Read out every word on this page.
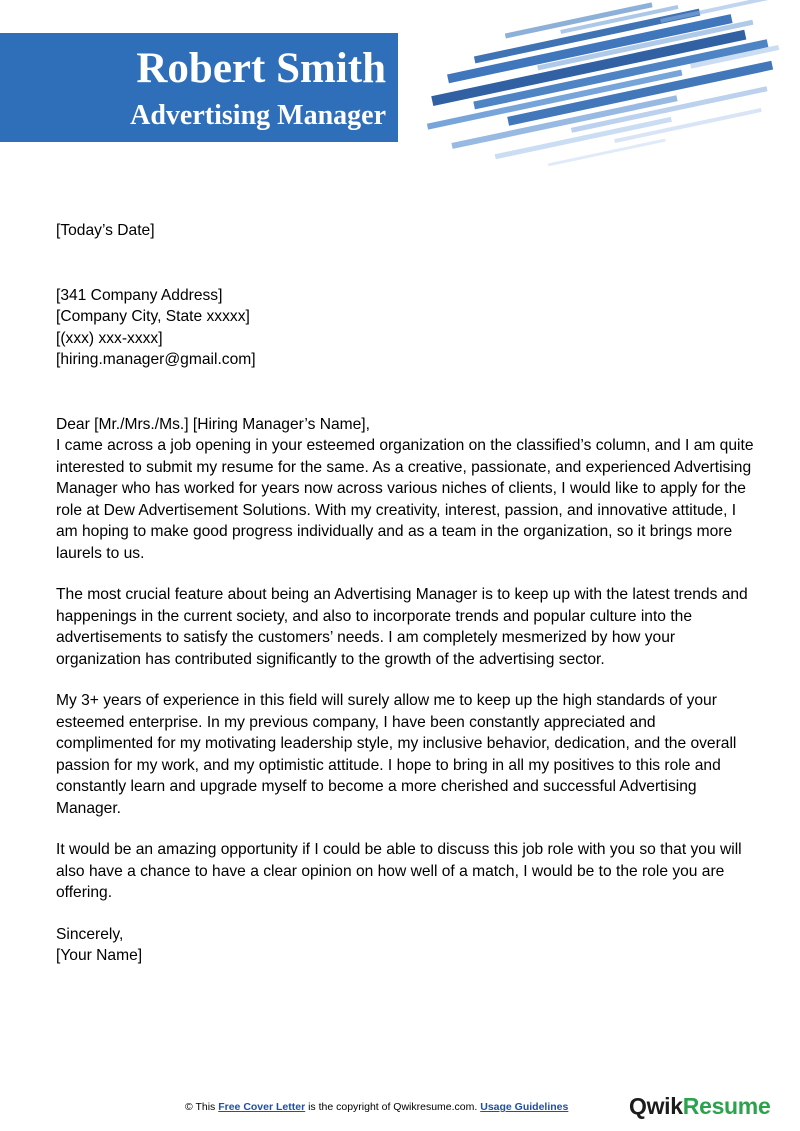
Robert Smith
Advertising Manager

[Today’s Date]

[341 Company Address]

[Company City, State xxxxx]

[(xxx) xxx-xxxx]

[hiring.manager@gmail.com]

Dear [Mr./Mrs./Ms.] [Hiring Manager’s Name],

I came across a job opening in your esteemed organization on the classified’s column, and I am quite interested to submit my resume for the same. As a creative, passionate, and experienced Advertising Manager who has worked for years now across various niches of clients, I would like to apply for the role at Dew Advertisement Solutions. With my creativity, interest, passion, and innovative attitude, I am hoping to make good progress individually and as a team in the organization, so it brings more laurels to us.

The most crucial feature about being an Advertising Manager is to keep up with the latest trends and happenings in the current society, and also to incorporate trends and popular culture into the advertisements to satisfy the customers’ needs. I am completely mesmerized by how your organization has contributed significantly to the growth of the advertising sector.

My 3+ years of experience in this field will surely allow me to keep up the high standards of your esteemed enterprise. In my previous company, I have been constantly appreciated and complimented for my motivating leadership style, my inclusive behavior, dedication, and the overall passion for my work, and my optimistic attitude. I hope to bring in all my positives to this role and constantly learn and upgrade myself to become a more cherished and successful Advertising Manager.

It would be an amazing opportunity if I could be able to discuss this job role with you so that you will also have a chance to have a clear opinion on how well of a match, I would be to the role you are offering.

Sincerely,

[Your Name]

© This Free Cover Letter is the copyright of Qwikresume.com. Usage Guidelines	QwikResume
